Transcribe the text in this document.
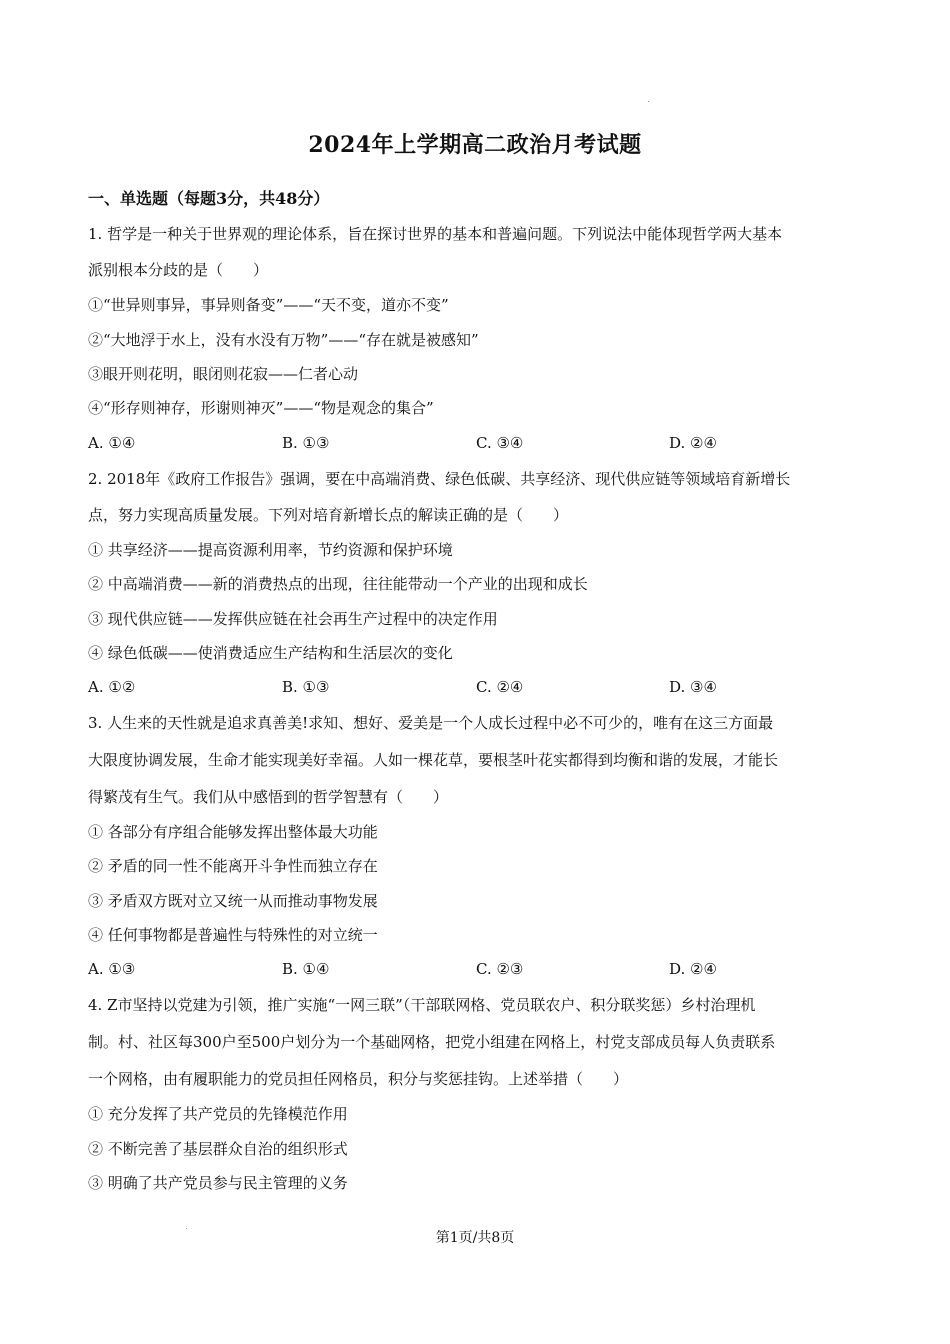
2024年上学期高二政治月考试题
一、单选题（每题3分，共48分）
1. 哲学是一种关于世界观的理论体系，旨在探讨世界的基本和普遍问题。下列说法中能体现哲学两大基本
派别根本分歧的是（　　）
①“世异则事异，事异则备变”——“天不变，道亦不变”
②“大地浮于水上，没有水没有万物”——“存在就是被感知”
③眼开则花明，眼闭则花寂——仁者心动
④“形存则神存，形谢则神灭”——“物是观念的集合”
A. ①④	B. ①③	C. ③④	D. ②④
2. 2018年《政府工作报告》强调，要在中高端消费、绿色低碳、共享经济、现代供应链等领域培育新增长
点，努力实现高质量发展。下列对培育新增长点的解读正确的是（　　）
① 共享经济——提高资源利用率，节约资源和保护环境
② 中高端消费——新的消费热点的出现，往往能带动一个产业的出现和成长
③ 现代供应链——发挥供应链在社会再生产过程中的决定作用
④ 绿色低碳——使消费适应生产结构和生活层次的变化
A. ①②	B. ①③	C. ②④	D. ③④
3. 人生来的天性就是追求真善美!求知、想好、爱美是一个人成长过程中必不可少的，唯有在这三方面最
大限度协调发展，生命才能实现美好幸福。人如一棵花草，要根茎叶花实都得到均衡和谐的发展，才能长
得繁茂有生气。我们从中感悟到的哲学智慧有（　　）
① 各部分有序组合能够发挥出整体最大功能
② 矛盾的同一性不能离开斗争性而独立存在
③ 矛盾双方既对立又统一从而推动事物发展
④ 任何事物都是普遍性与特殊性的对立统一
A. ①③	B. ①④	C. ②③	D. ②④
4. Z市坚持以党建为引领，推广实施“一网三联”（干部联网格、党员联农户、积分联奖惩）乡村治理机
制。村、社区每300户至500户划分为一个基础网格，把党小组建在网格上，村党支部成员每人负责联系
一个网格，由有履职能力的党员担任网格员，积分与奖惩挂钩。上述举措（　　）
① 充分发挥了共产党员的先锋模范作用
② 不断完善了基层群众自治的组织形式
③ 明确了共产党员参与民主管理的义务
第1页/共8页
